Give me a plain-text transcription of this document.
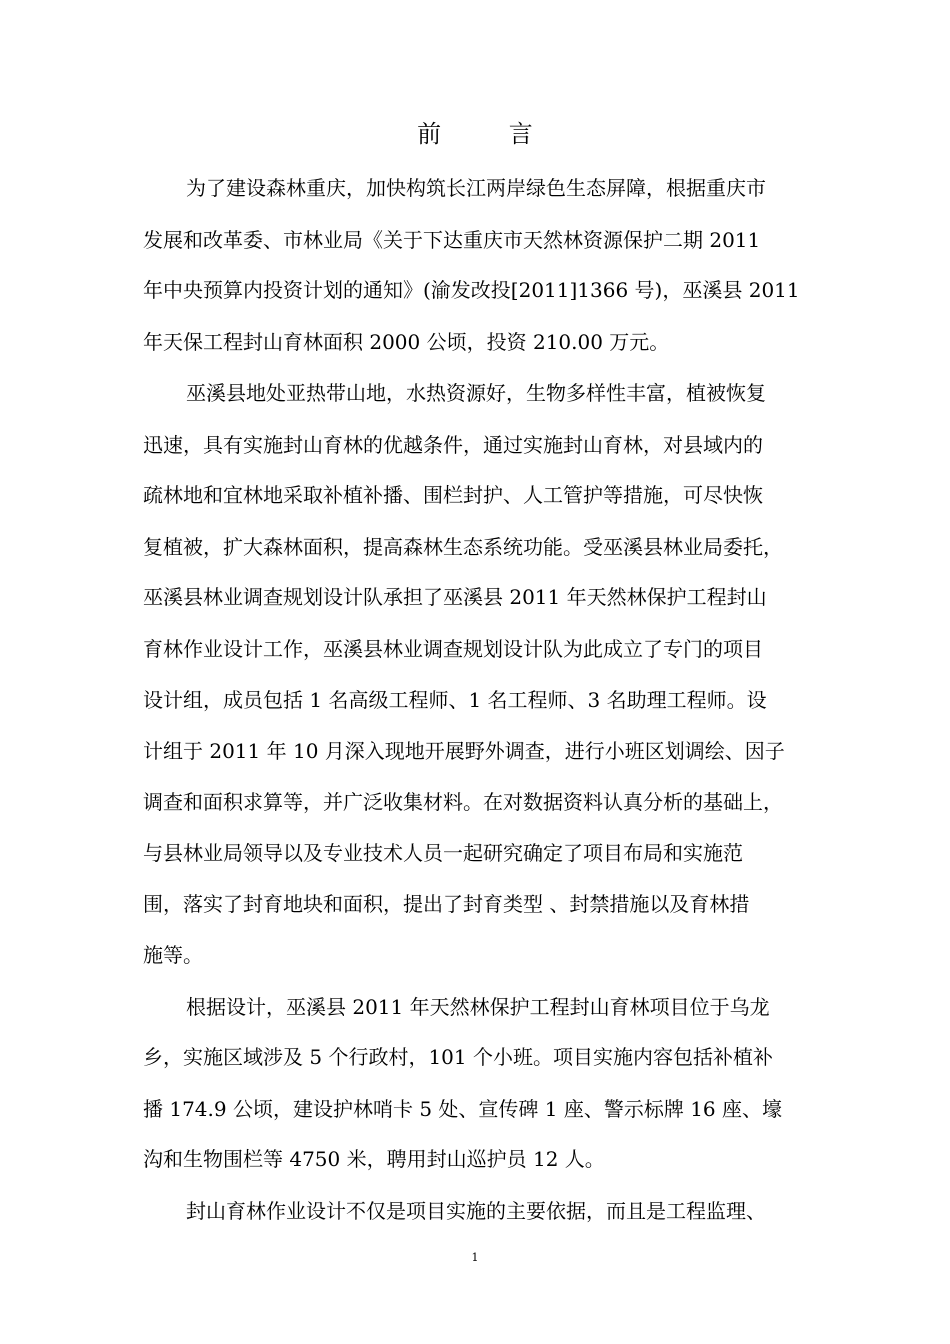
前 言
为了建设森林重庆，加快构筑长江两岸绿色生态屏障，根据重庆市
发展和改革委、市林业局《关于下达重庆市天然林资源保护二期 2011
年中央预算内投资计划的通知》(渝发改投[2011]1366 号)，巫溪县 2011
年天保工程封山育林面积 2000 公顷，投资 210.00 万元。
巫溪县地处亚热带山地，水热资源好，生物多样性丰富，植被恢复
迅速，具有实施封山育林的优越条件，通过实施封山育林，对县域内的
疏林地和宜林地采取补植补播、围栏封护、人工管护等措施，可尽快恢
复植被，扩大森林面积，提高森林生态系统功能。受巫溪县林业局委托，
巫溪县林业调查规划设计队承担了巫溪县 2011 年天然林保护工程封山
育林作业设计工作，巫溪县林业调查规划设计队为此成立了专门的项目
设计组，成员包括 1 名高级工程师、1 名工程师、3 名助理工程师。设
计组于 2011 年 10 月深入现地开展野外调查，进行小班区划调绘、因子
调查和面积求算等，并广泛收集材料。在对数据资料认真分析的基础上，
与县林业局领导以及专业技术人员一起研究确定了项目布局和实施范
围，落实了封育地块和面积，提出了封育类型 、封禁措施以及育林措
施等。
根据设计，巫溪县 2011 年天然林保护工程封山育林项目位于乌龙
乡，实施区域涉及 5 个行政村，101 个小班。项目实施内容包括补植补
播 174.9 公顷，建设护林哨卡 5 处、宣传碑 1 座、警示标牌 16 座、壕
沟和生物围栏等 4750 米，聘用封山巡护员 12 人。
封山育林作业设计不仅是项目实施的主要依据，而且是工程监理、
1
